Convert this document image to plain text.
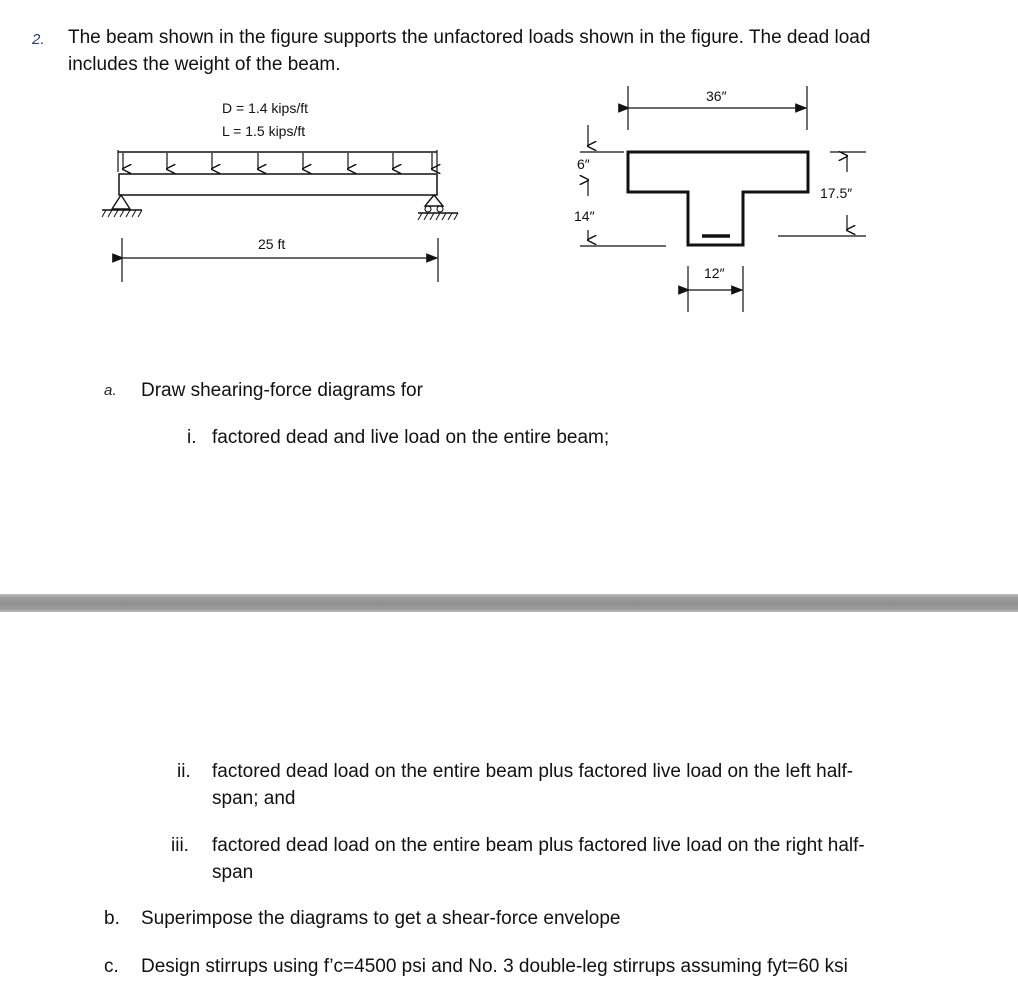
2. The beam shown in the figure supports the unfactored loads shown in the figure. The dead load
includes the weight of the beam.
D = 1.4 kips/ft
L = 1.5 kips/ft
25 ft
36″
6″
14″
17.5″
12″
a. Draw shearing-force diagrams for
i. factored dead and live load on the entire beam;
ii. factored dead load on the entire beam plus factored live load on the left half-
span; and
iii. factored dead load on the entire beam plus factored live load on the right half-
span
b. Superimpose the diagrams to get a shear-force envelope
c. Design stirrups using f’c=4500 psi and No. 3 double-leg stirrups assuming fyt=60 ksi
